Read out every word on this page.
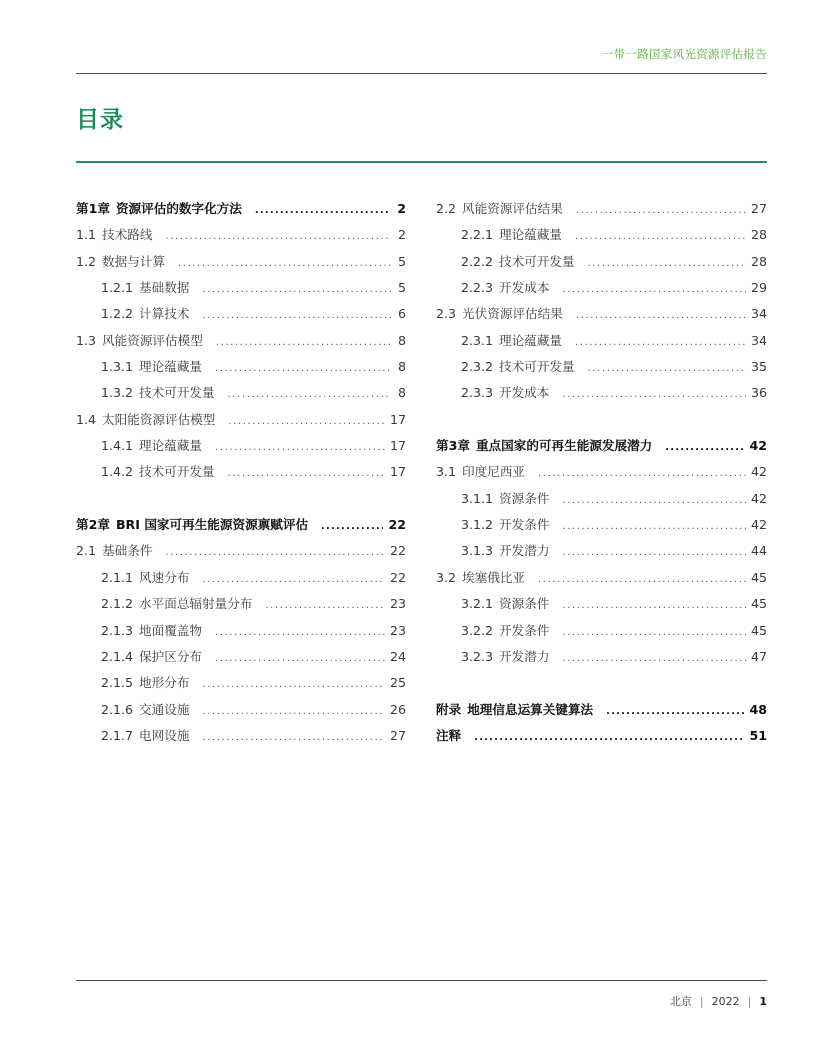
一带一路国家风光资源评估报告
目录
第1章 资源评估的数字化方法 .....	2
1.1 技术路线 .....	2
1.2 数据与计算 .....	5
1.2.1 基础数据 .....	5
1.2.2 计算技术 .....	6
1.3 风能资源评估模型 .....	8
1.3.1 理论蕴藏量 .....	8
1.3.2 技术可开发量 .....	8
1.4 太阳能资源评估模型 .....	17
1.4.1 理论蕴藏量 .....	17
1.4.2 技术可开发量 .....	17
第2章 BRI 国家可再生能源资源禀赋评估 .....	22
2.1 基础条件 .....	22
2.1.1 风速分布 .....	22
2.1.2 水平面总辐射量分布 .....	23
2.1.3 地面覆盖物 .....	23
2.1.4 保护区分布 .....	24
2.1.5 地形分布 .....	25
2.1.6 交通设施 .....	26
2.1.7 电网设施 .....	27
2.2 风能资源评估结果 .....	27
2.2.1 理论蕴藏量 .....	28
2.2.2 技术可开发量 .....	28
2.2.3 开发成本 .....	29
2.3 光伏资源评估结果 .....	34
2.3.1 理论蕴藏量 .....	34
2.3.2 技术可开发量 .....	35
2.3.3 开发成本 .....	36
第3章 重点国家的可再生能源发展潜力 .....	42
3.1 印度尼西亚 .....	42
3.1.1 资源条件 .....	42
3.1.2 开发条件 .....	42
3.1.3 开发潜力 .....	44
3.2 埃塞俄比亚 .....	45
3.2.1 资源条件 .....	45
3.2.2 开发条件 .....	45
3.2.3 开发潜力 .....	47
附录 地理信息运算关键算法 .....	48
注释 .....	51
北京 | 2022 | 1
